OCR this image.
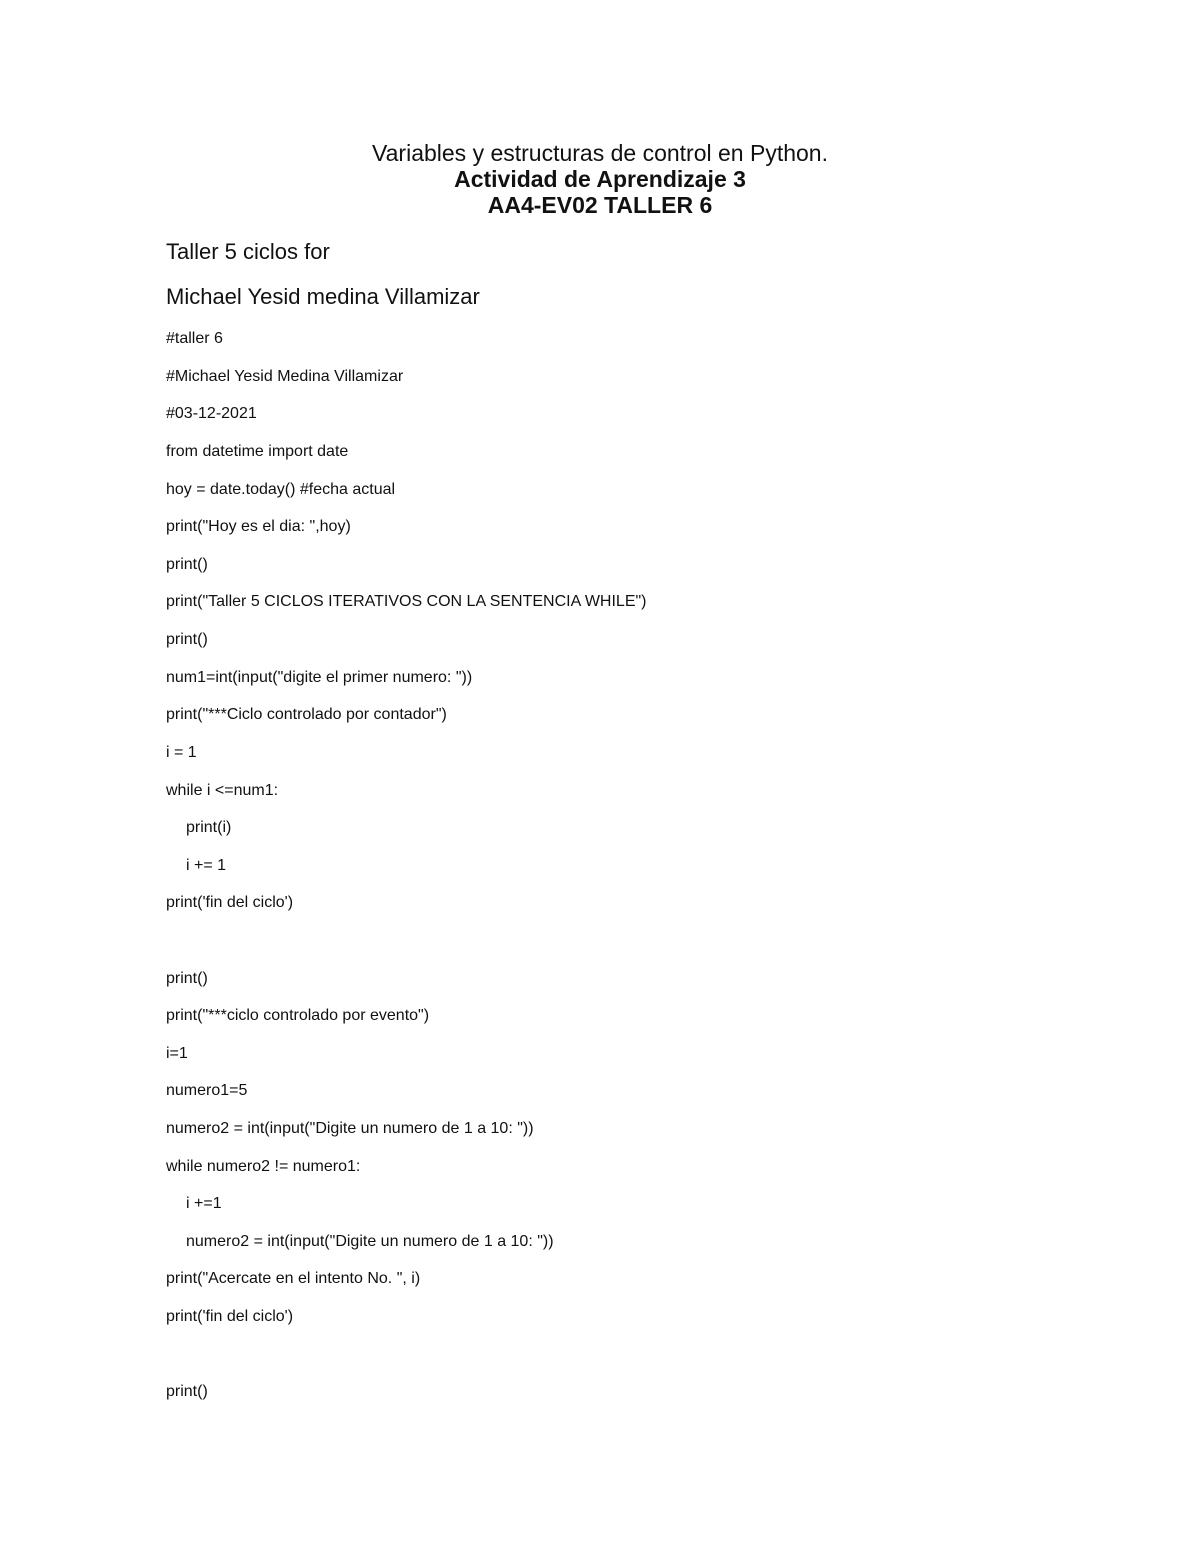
Variables y estructuras de control en Python.

Actividad de Aprendizaje 3

AA4-EV02 TALLER 6

Taller 5 ciclos for

Michael Yesid medina Villamizar

#taller 6

#Michael Yesid Medina Villamizar

#03-12-2021

from datetime import date

hoy = date.today() #fecha actual

print("Hoy es el dia: ",hoy)

print()

print("Taller 5 CICLOS ITERATIVOS CON LA SENTENCIA WHILE")

print()

num1=int(input("digite el primer numero: "))

print("***Ciclo controlado por contador")

i = 1

while i <=num1:

print(i)

i += 1

print('fin del ciclo')

print()

print("***ciclo controlado por evento")

i=1

numero1=5

numero2 = int(input("Digite un numero de 1 a 10: "))

while numero2 != numero1:

i +=1

numero2 = int(input("Digite un numero de 1 a 10: "))

print("Acercate en el intento No. ", i)

print('fin del ciclo')

print()
